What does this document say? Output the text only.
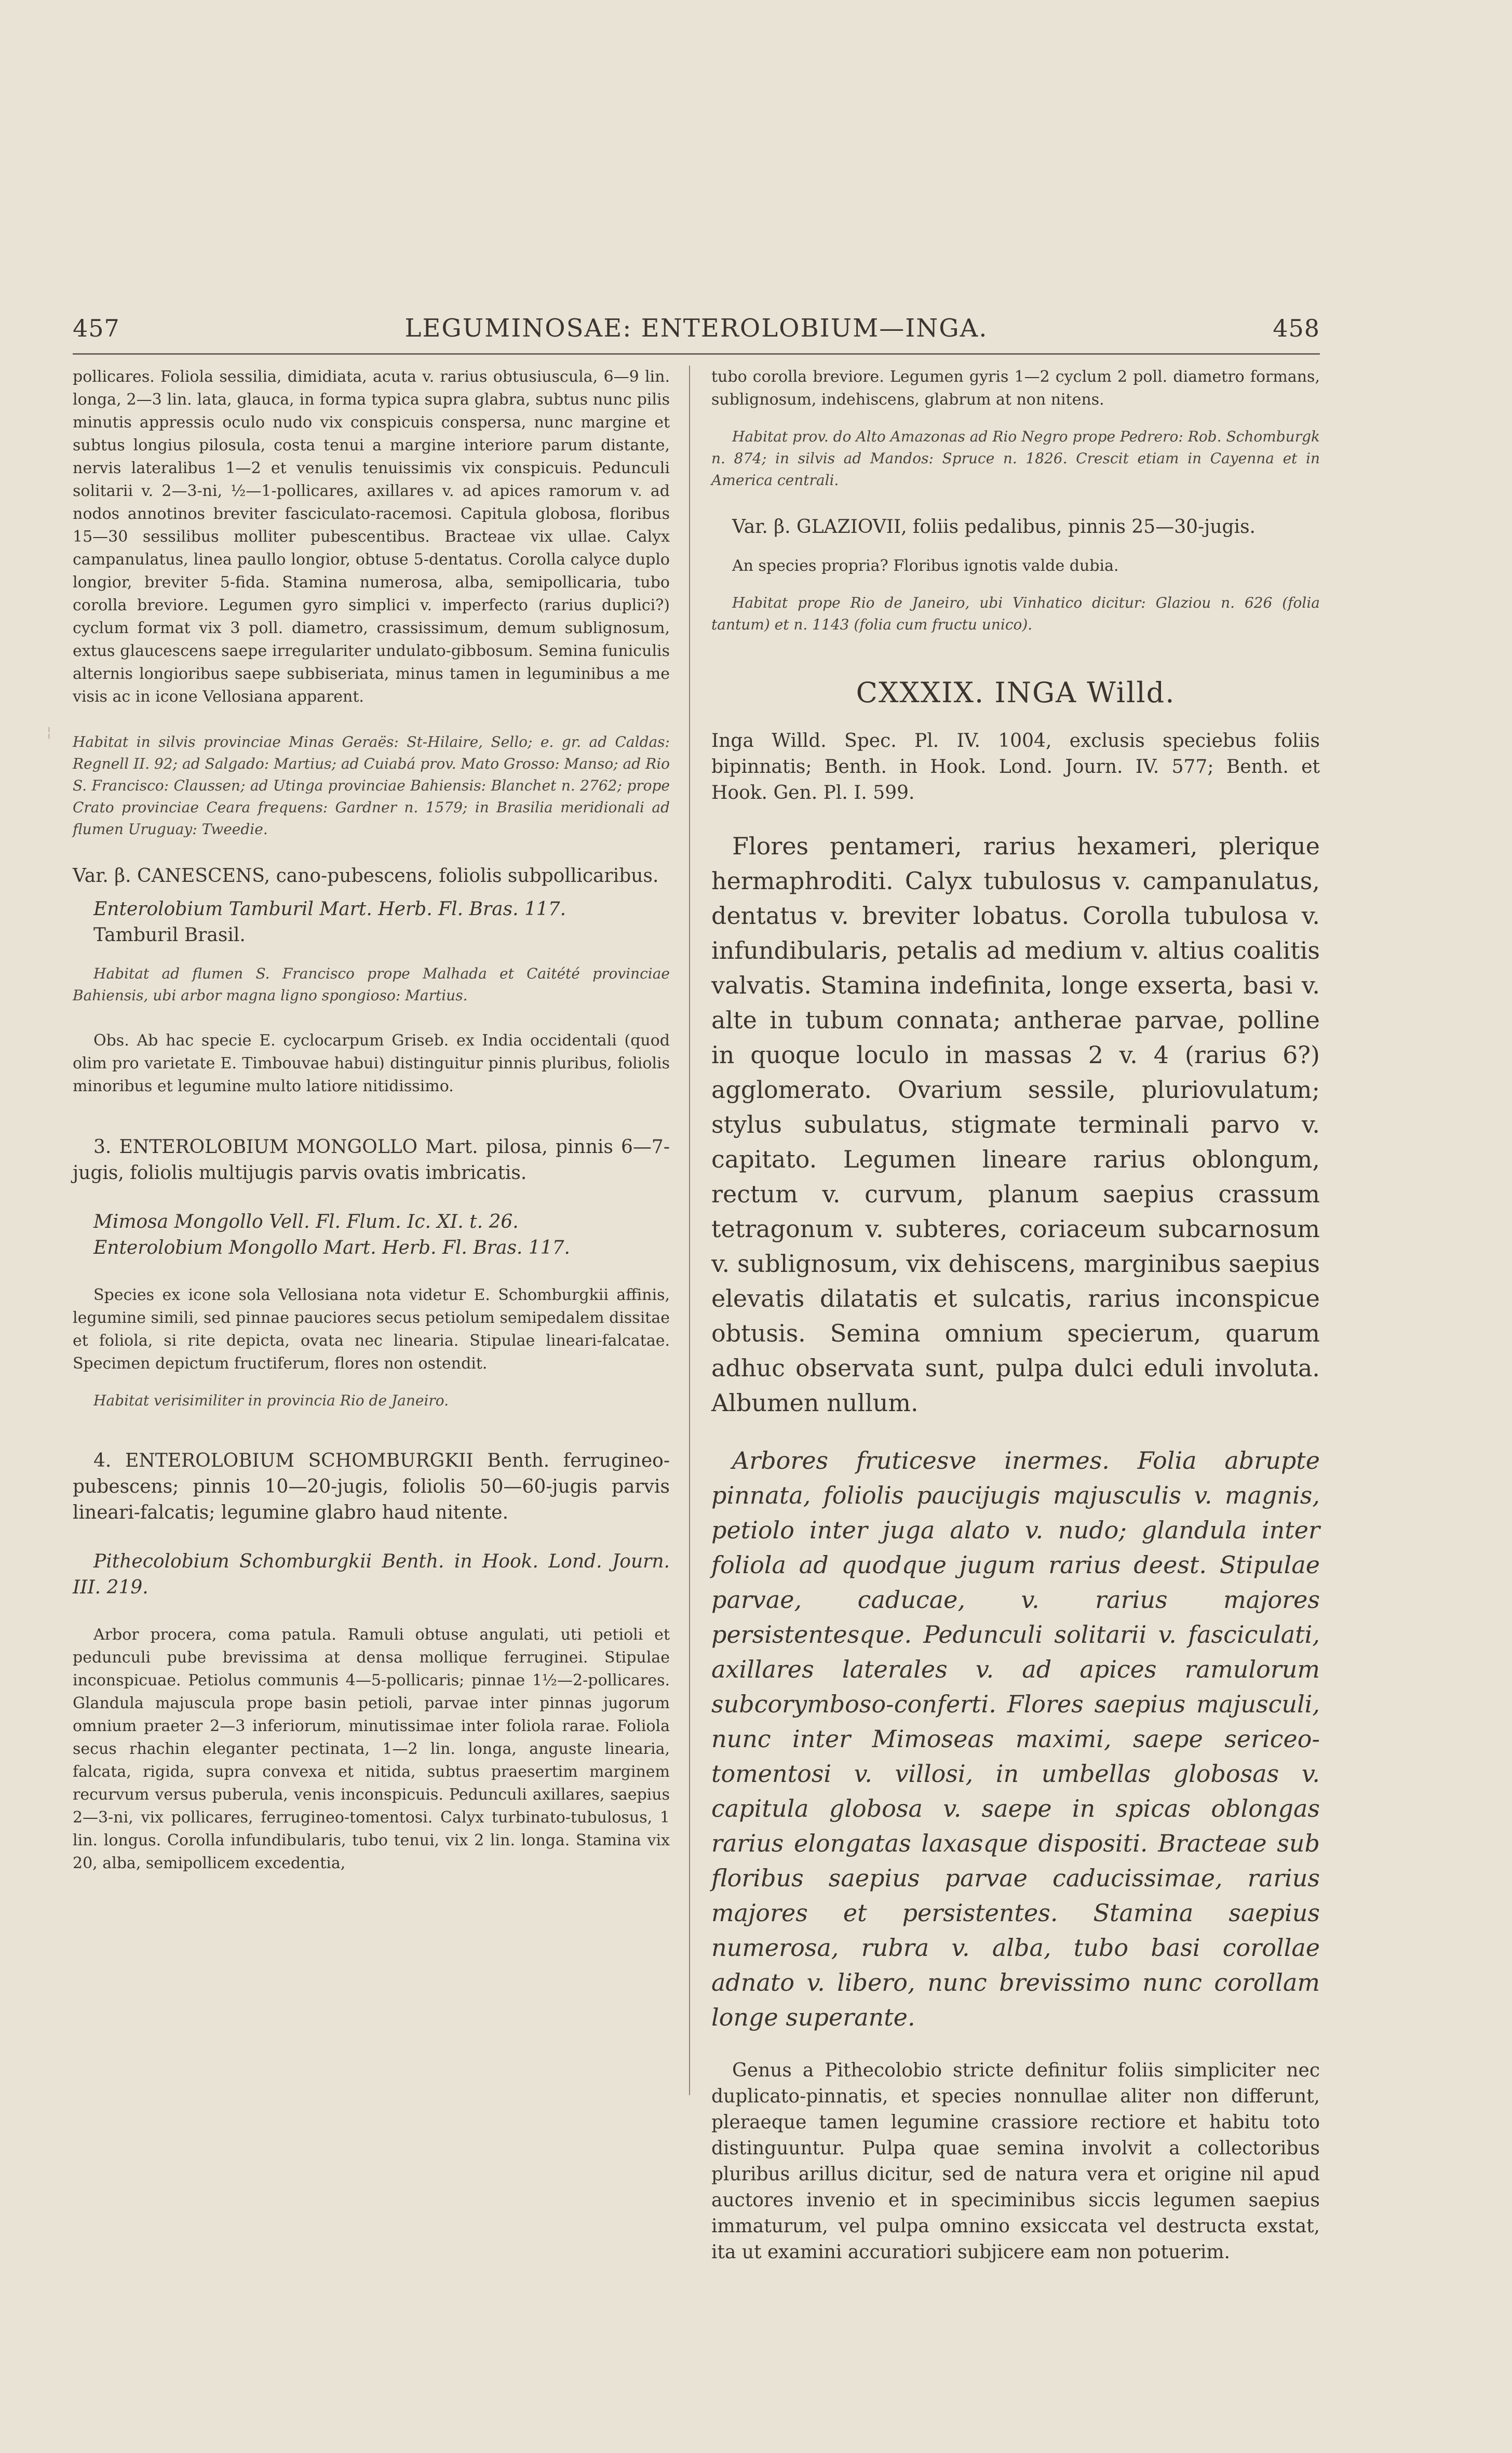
457	LEGUMINOSAE: ENTEROLOBIUM—INGA.	458
¦

pollicares. Foliola sessilia, dimidiata, acuta v. rarius obtusiuscula, 6—9 lin. longa, 2—3 lin. lata, glauca, in forma typica supra glabra, subtus nunc pilis minutis appressis oculo nudo vix conspicuis conspersa, nunc margine et subtus longius pilosula, costa tenui a margine interiore parum distante, nervis lateralibus 1—2 et venulis tenuissimis vix conspicuis. Pedunculi solitarii v. 2—3-ni, ½—1-pollicares, axillares v. ad apices ramorum v. ad nodos annotinos breviter fasciculato-racemosi. Capitula globosa, floribus 15—30 sessilibus molliter pubescentibus. Bracteae vix ullae. Calyx campanulatus, linea paullo longior, obtuse 5-dentatus. Corolla calyce duplo longior, breviter 5-fida. Stamina numerosa, alba, semipollicaria, tubo corolla breviore. Legumen gyro simplici v. imperfecto (rarius duplici?) cyclum format vix 3 poll. diametro, crassissimum, demum sublignosum, extus glaucescens saepe irregulariter undulato-gibbosum. Semina funiculis alternis longioribus saepe subbiseriata, minus tamen in leguminibus a me visis ac in icone Vellosiana apparent.

Habitat in silvis provinciae Minas Geraës: St-Hilaire, Sello; e. gr. ad Caldas: Regnell II. 92; ad Salgado: Martius; ad Cuiabá prov. Mato Grosso: Manso; ad Rio S. Francisco: Claussen; ad Utinga provinciae Bahiensis: Blanchet n. 2762; prope Crato provinciae Ceara frequens: Gardner n. 1579; in Brasilia meridionali ad flumen Uruguay: Tweedie.

Var. β. CANESCENS, cano-pubescens, foliolis subpollicaribus.

Enterolobium Tamburil Mart. Herb. Fl. Bras. 117.

Tamburil Brasil.

Habitat ad flumen S. Francisco prope Malhada et Caitété provinciae Bahiensis, ubi arbor magna ligno spongioso: Martius.

Obs. Ab hac specie E. cyclocarpum Griseb. ex India occidentali (quod olim pro varietate E. Timbouvae habui) distinguitur pinnis pluribus, foliolis minoribus et legumine multo latiore nitidissimo.

3. ENTEROLOBIUM MONGOLLO Mart. pilosa, pinnis 6—7-jugis, foliolis multijugis parvis ovatis imbricatis.

Mimosa Mongollo Vell. Fl. Flum. Ic. XI. t. 26.

Enterolobium Mongollo Mart. Herb. Fl. Bras. 117.

Species ex icone sola Vellosiana nota videtur E. Schomburgkii affinis, legumine simili, sed pinnae pauciores secus petiolum semipedalem dissitae et foliola, si rite depicta, ovata nec linearia. Stipulae lineari-falcatae. Specimen depictum fructiferum, flores non ostendit.

Habitat verisimiliter in provincia Rio de Janeiro.

4. ENTEROLOBIUM SCHOMBURGKII Benth. ferrugineo-pubescens; pinnis 10—20-jugis, foliolis 50—60-jugis parvis lineari-falcatis; legumine glabro haud nitente.

Pithecolobium Schomburgkii Benth. in Hook. Lond. Journ. III. 219.

Arbor procera, coma patula. Ramuli obtuse angulati, uti petioli et pedunculi pube brevissima at densa mollique ferruginei. Stipulae inconspicuae. Petiolus communis 4—5-pollicaris; pinnae 1½—2-pollicares. Glandula majuscula prope basin petioli, parvae inter pinnas jugorum omnium praeter 2—3 inferiorum, minutissimae inter foliola rarae. Foliola secus rhachin eleganter pectinata, 1—2 lin. longa, anguste linearia, falcata, rigida, supra convexa et nitida, subtus praesertim marginem recurvum versus puberula, venis inconspicuis. Pedunculi axillares, saepius 2—3-ni, vix pollicares, ferrugineo-tomentosi. Calyx turbinato-tubulosus, 1 lin. longus. Corolla infundibularis, tubo tenui, vix 2 lin. longa. Stamina vix 20, alba, semipollicem excedentia,

tubo corolla breviore. Legumen gyris 1—2 cyclum 2 poll. diametro formans, sublignosum, indehiscens, glabrum at non nitens.

Habitat prov. do Alto Amazonas ad Rio Negro prope Pedrero: Rob. Schomburgk n. 874; in silvis ad Mandos: Spruce n. 1826. Crescit etiam in Cayenna et in America centrali.

Var. β. GLAZIOVII, foliis pedalibus, pinnis 25—30-jugis.

An species propria? Floribus ignotis valde dubia.

Habitat prope Rio de Janeiro, ubi Vinhatico dicitur: Glaziou n. 626 (folia tantum) et n. 1143 (folia cum fructu unico).

CXXXIX. INGA Willd.

Inga Willd. Spec. Pl. IV. 1004, exclusis speciebus foliis bipinnatis; Benth. in Hook. Lond. Journ. IV. 577; Benth. et Hook. Gen. Pl. I. 599.

Flores pentameri, rarius hexameri, plerique hermaphroditi. Calyx tubulosus v. campanulatus, dentatus v. breviter lobatus. Corolla tubulosa v. infundibularis, petalis ad medium v. altius coalitis valvatis. Stamina indefinita, longe exserta, basi v. alte in tubum connata; antherae parvae, polline in quoque loculo in massas 2 v. 4 (rarius 6?) agglomerato. Ovarium sessile, pluriovulatum; stylus subulatus, stigmate terminali parvo v. capitato. Legumen lineare rarius oblongum, rectum v. curvum, planum saepius crassum tetragonum v. subteres, coriaceum subcarnosum v. sublignosum, vix dehiscens, marginibus saepius elevatis dilatatis et sulcatis, rarius inconspicue obtusis. Semina omnium specierum, quarum adhuc observata sunt, pulpa dulci eduli involuta. Albumen nullum.

Arbores fruticesve inermes. Folia abrupte pinnata, foliolis paucijugis majusculis v. magnis, petiolo inter juga alato v. nudo; glandula inter foliola ad quodque jugum rarius deest. Stipulae parvae, caducae, v. rarius majores persistentesque. Pedunculi solitarii v. fasciculati, axillares laterales v. ad apices ramulorum subcorymboso-conferti. Flores saepius majusculi, nunc inter Mimoseas maximi, saepe sericeo-tomentosi v. villosi, in umbellas globosas v. capitula globosa v. saepe in spicas oblongas rarius elongatas laxasque dispositi. Bracteae sub floribus saepius parvae caducissimae, rarius majores et persistentes. Stamina saepius numerosa, rubra v. alba, tubo basi corollae adnato v. libero, nunc brevissimo nunc corollam longe superante.

Genus a Pithecolobio stricte definitur foliis simpliciter nec duplicato-pinnatis, et species nonnullae aliter non differunt, pleraeque tamen legumine crassiore rectiore et habitu toto distinguuntur. Pulpa quae semina involvit a collectoribus pluribus arillus dicitur, sed de natura vera et origine nil apud auctores invenio et in speciminibus siccis legumen saepius immaturum, vel pulpa omnino exsiccata vel destructa exstat, ita ut examini accuratiori subjicere eam non potuerim.
